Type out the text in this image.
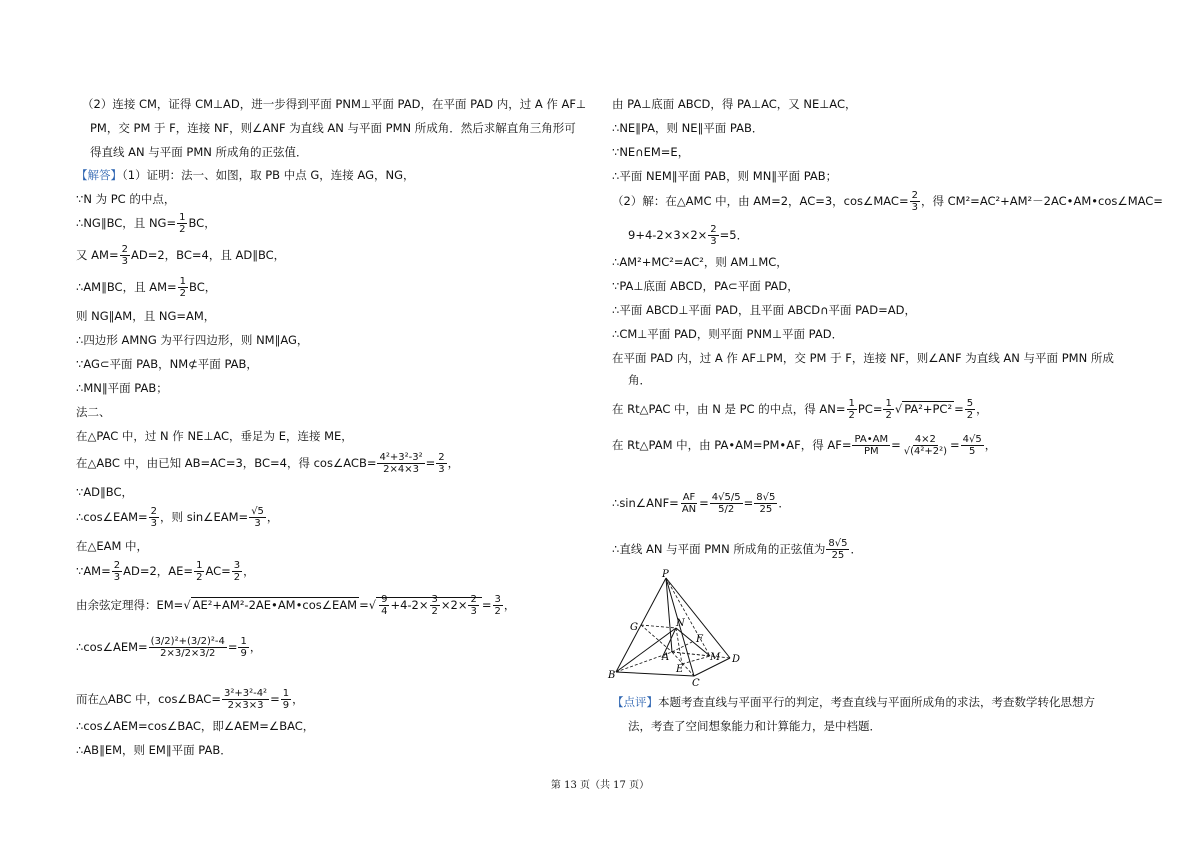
（2）连接 CM，证得 CM⊥AD，进一步得到平面 PNM⊥平面 PAD，在平面 PAD 内，过 A 作 AF⊥
PM，交 PM 于 F，连接 NF，则∠ANF 为直线 AN 与平面 PMN 所成角．然后求解直角三角形可
得直线 AN 与平面 PMN 所成角的正弦值．
【解答】（1）证明：法一、如图，取 PB 中点 G，连接 AG，NG，
∵N 为 PC 的中点，
∴NG∥BC，且 $NG= \frac{1}{2}$ BC，
又 $AM= \frac{2}{3} AD=2$，BC=4，且 AD∥BC，
∴AM∥BC，且 $AM= \frac{1}{2}$ BC，
则 NG∥AM，且 NG=AM，
∴四边形 AMNG 为平行四边形，则 NM∥AG，
∵AG⊂平面 PAB，NM⊄平面 PAB，
∴MN∥平面 PAB；
法二、
在△PAC 中，过 N 作 NE⊥AC，垂足为 E，连接 ME，
在△ABC 中，由已知 AB=AC=3，BC=4，得 cos∠ACB= $\frac{\text{4²+3²-3²}}{2\times 4\times 3} = \frac{2}{3}$ ，
∵AD∥BC，
∴cos∠EAM= $\frac{2}{3}$ ，则 sin∠EAM= $\frac{√5}{3}$ ，
在△EAM 中，
∵AM= $\frac{2}{3} AD=2$，$AE= \frac{1}{2} AC= \frac{3}{2}$ ，
由余弦定理得：EM=√ AE²+AM²-2AE•AM•cos∠EAM =√ $\frac{9}{4} +4-2\times \frac{3}{2} \times 2\times \frac{2}{3} = \frac{3}{2}$ ，
∴cos∠AEM= $\frac{\text{(3/2)²+(3/2)²-4}}{2\times 3/2\times 3/2} = \frac{1}{9}$ ，
而在△ABC 中，cos∠BAC= $\frac{\text{3²+3²-4²}}{2\times 3\times 3} = \frac{1}{9}$ ，
∴cos∠AEM=cos∠BAC，即∠AEM=∠BAC，
∴AB∥EM，则 EM∥平面 PAB．
由 PA⊥底面 ABCD，得 PA⊥AC，又 NE⊥AC，
∴NE∥PA，则 NE∥平面 PAB．
∵NE∩EM=E，
∴平面 NEM∥平面 PAB，则 MN∥平面 PAB；
（2）解：在△AMC 中，由 AM=2，AC=3，cos∠MAC= $\frac{2}{3}$ ，得 CM²=AC²+AM²－2AC•AM•cos∠MAC=
$9+4-2\times 3\times 2\times \frac{2}{3} =5$．
∴AM²+MC²=AC²，则 AM⊥MC，
∵PA⊥底面 ABCD，PA⊂平面 PAD，
∴平面 ABCD⊥平面 PAD，且平面 ABCD∩平面 PAD=AD，
∴CM⊥平面 PAD，则平面 PNM⊥平面 PAD．
在平面 PAD 内，过 A 作 AF⊥PM，交 PM 于 F，连接 NF，则∠ANF 为直线 AN 与平面 PMN 所成
角．
在 Rt△PAC 中，由 N 是 PC 的中点，得 $AN= \frac{1}{2} PC= \frac{1}{2}$ √ $PA^2+PC^2 = \frac{5}{2}$ ，
在 Rt△PAM 中，由 PA•AM=PM•AF，得 $AF= \frac{PA•AM}{PM} = \frac{4\times 2}{\text{√(4²+2²)}} = \frac{4√5}{5}$ ，
∴sin∠ANF= $\frac{AF}{AN} = \frac{4√5/5}{5/2} = \frac{8√5}{25}$ ．
∴直线 AN 与平面 PMN 所成角的正弦值为 $\frac{8√5}{25}$ ．
P
G	N
F
A
E
M
B
C
D
【点评】本题考查直线与平面平行的判定，考查直线与平面所成角的求法，考查数学转化思想方
法，考查了空间想象能力和计算能力，是中档题．
第 13 页（共 17 页）
